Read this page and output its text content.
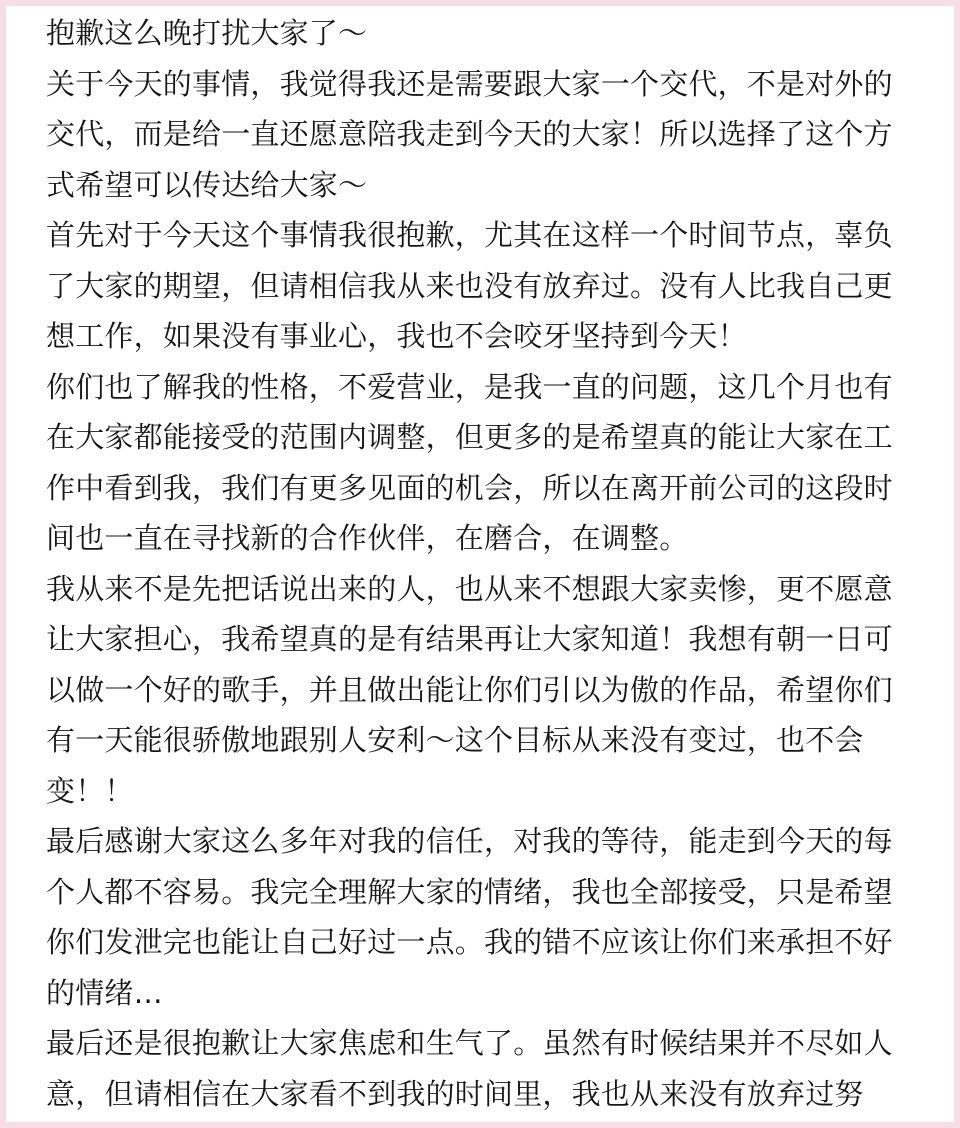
抱歉这么晚打扰大家了～

关于今天的事情，我觉得我还是需要跟大家一个交代，不是对外的
交代，而是给一直还愿意陪我走到今天的大家！所以选择了这个方
式希望可以传达给大家～

首先对于今天这个事情我很抱歉，尤其在这样一个时间节点，辜负
了大家的期望，但请相信我从来也没有放弃过。没有人比我自己更
想工作，如果没有事业心，我也不会咬牙坚持到今天！

你们也了解我的性格，不爱营业，是我一直的问题，这几个月也有
在大家都能接受的范围内调整，但更多的是希望真的能让大家在工
作中看到我，我们有更多见面的机会，所以在离开前公司的这段时
间也一直在寻找新的合作伙伴，在磨合，在调整。

我从来不是先把话说出来的人，也从来不想跟大家卖惨，更不愿意
让大家担心，我希望真的是有结果再让大家知道！我想有朝一日可
以做一个好的歌手，并且做出能让你们引以为傲的作品，希望你们
有一天能很骄傲地跟别人安利～这个目标从来没有变过，也不会
变！！

最后感谢大家这么多年对我的信任，对我的等待，能走到今天的每
个人都不容易。我完全理解大家的情绪，我也全部接受，只是希望
你们发泄完也能让自己好过一点。我的错不应该让你们来承担不好
的情绪…

最后还是很抱歉让大家焦虑和生气了。虽然有时候结果并不尽如人
意，但请相信在大家看不到我的时间里，我也从来没有放弃过努
